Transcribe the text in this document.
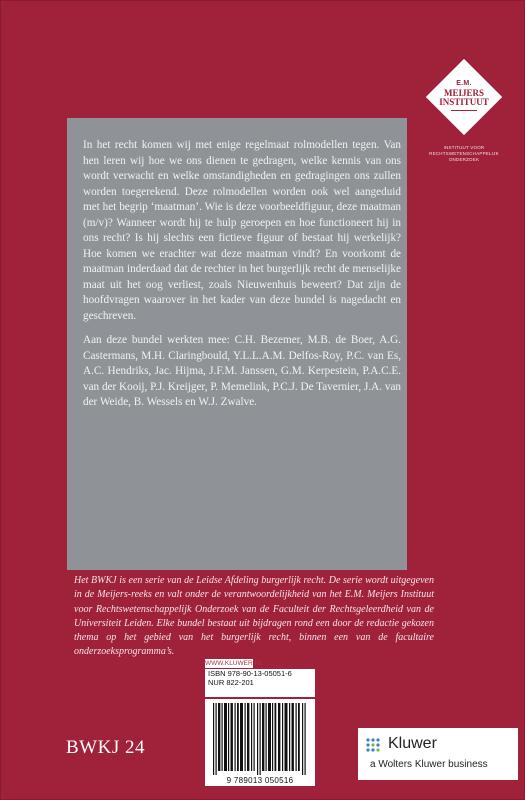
E.M.
MEIJERS
INSTITUUT
INSTITUUT VOOR
RECHTSWETENSCHAPPELIJK
ONDERZOEK

In het recht komen wij met enige regelmaat rolmodellen tegen. Van hen leren wij hoe we ons dienen te gedragen, welke kennis van ons wordt verwacht en welke omstandigheden en gedragingen ons zullen worden toegerekend. Deze rolmodellen worden ook wel aangeduid met het begrip ‘maatman’. Wie is deze voorbeeldfiguur, deze maatman (m/v)? Wanneer wordt hij te hulp geroepen en hoe functioneert hij in ons recht? Is hij slechts een fictieve figuur of bestaat hij werkelijk? Hoe komen we erachter wat deze maatman vindt? En voorkomt de maatman inderdaad dat de rechter in het burgerlijk recht de menselijke maat uit het oog verliest, zoals Nieuwenhuis beweert? Dat zijn de hoofdvragen waarover in het kader van deze bundel is nagedacht en geschreven.

Aan deze bundel werkten mee: C.H. Bezemer, M.B. de Boer, A.G. Castermans, M.H. Claringbould, Y.L.L.A.M. Delfos-Roy, P.C. van Es, A.C. Hendriks, Jac. Hijma, J.F.M. Janssen, G.M. Kerpestein, P.A.C.E. van der Kooij, P.J. Kreijger, P. Memelink, P.C.J. De Tavernier, J.A. van der Weide, B. Wessels en W.J. Zwalve.

Het BWKJ is een serie van de Leidse Afdeling burgerlijk recht. De serie wordt uitgegeven in de Meijers-reeks en valt onder de verantwoordelijkheid van het E.M. Meijers Instituut voor Rechtswetenschappelijk Onderzoek van de Faculteit der Rechtsgeleerdheid van de Universiteit Leiden. Elke bundel bestaat uit bijdragen rond een door de redactie gekozen thema op het gebied van het burgerlijk recht, binnen een van de facultaire onderzoeksprogramma’s.
WWW.KLUWER.NL
ISBN 978-90-13-05051-6
NUR 822-201
9 789013 050516
BWKJ 24	Kluwer
a Wolters Kluwer business
